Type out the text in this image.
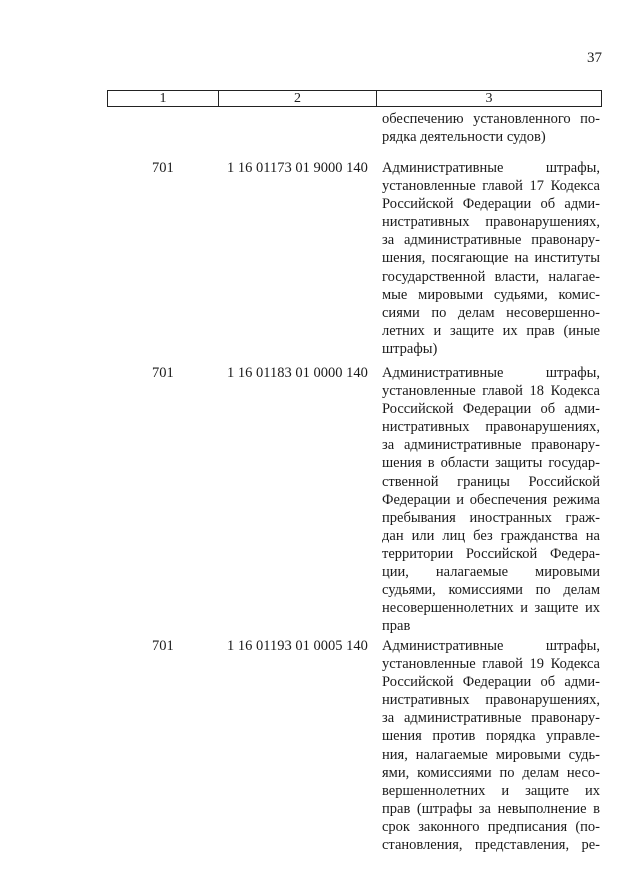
37
1	2	3
обеспечению установленного по-
рядка деятельности судов)
701	1 16 01173 01 9000 140 Административные штрафы,
установленные главой 17 Кодекса
Российской Федерации об адми-
нистративных правонарушениях,
за административные правонару-
шения, посягающие на институты
государственной власти, налагае-
мые мировыми судьями, комис-
сиями по делам несовершенно-
летних и защите их прав (иные
штрафы)
701	1 16 01183 01 0000 140 Административные штрафы,
установленные главой 18 Кодекса
Российской Федерации об адми-
нистративных правонарушениях,
за административные правонару-
шения в области защиты государ-
ственной границы Российской
Федерации и обеспечения режима
пребывания иностранных граж-
дан или лиц без гражданства на
территории Российской Федера-
ции, налагаемые мировыми
судьями, комиссиями по делам
несовершеннолетних и защите их
прав
701	1 16 01193 01 0005 140 Административные штрафы,
установленные главой 19 Кодекса
Российской Федерации об адми-
нистративных правонарушениях,
за административные правонару-
шения против порядка управле-
ния, налагаемые мировыми судь-
ями, комиссиями по делам несо-
вершеннолетних и защите их
прав (штрафы за невыполнение в
срок законного предписания (по-
становления, представления, ре-
